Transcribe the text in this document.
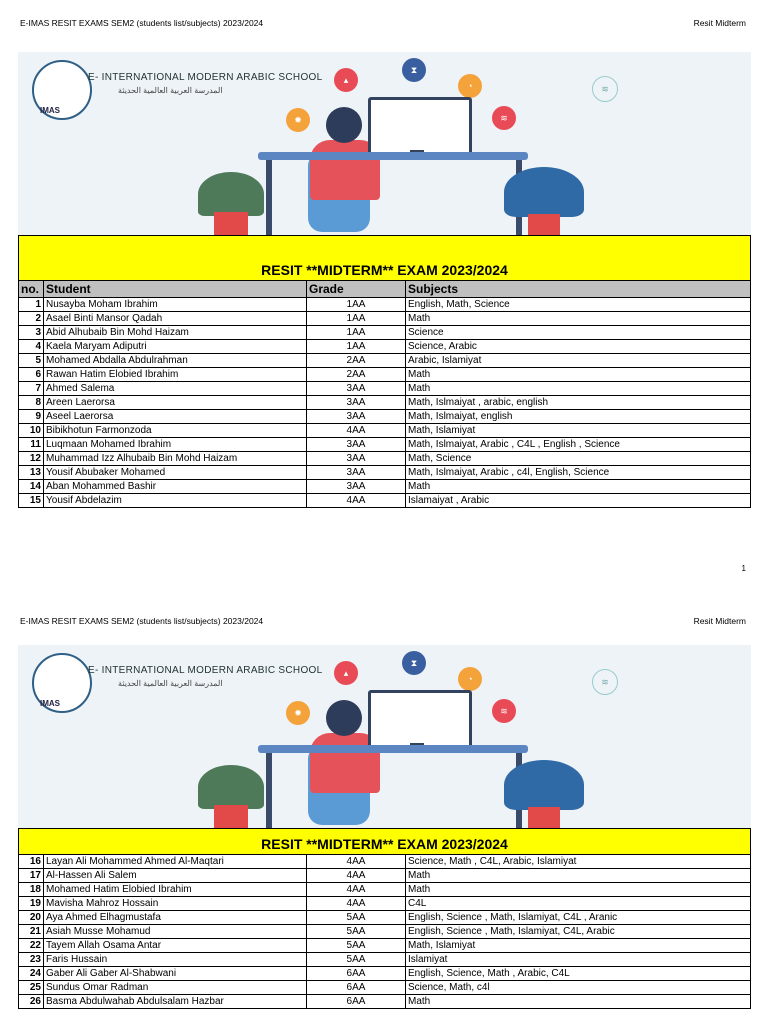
E-IMAS RESIT EXAMS SEM2 (students list/subjects) 2023/2024	Resit Midterm
IMAS
E- INTERNATIONAL MODERN ARABIC SCHOOL
المدرسة العربية العالمية الحديثة
▴
⧗
◔
≋
✹
≋
RESIT **MIDTERM** EXAM 2023/2024
no.	Student	Grade	Subjects
1	Nusayba Moham Ibrahim	1AA	English, Math, Science
2	Asael Binti Mansor Qadah	1AA	Math
3	Abid Alhubaib Bin Mohd Haizam	1AA	Science
4	Kaela Maryam Adiputri	1AA	Science, Arabic
5	Mohamed Abdalla Abdulrahman	2AA	Arabic, Islamiyat
6	Rawan Hatim Elobied Ibrahim	2AA	Math
7	Ahmed Salema	3AA	Math
8	Areen Laerorsa	3AA	Math, Islmaiyat , arabic, english
9	Aseel Laerorsa	3AA	Math, Islmaiyat, english
10	Bibikhotun Farmonzoda	4AA	Math, Islamiyat
11	Luqmaan Mohamed Ibrahim	3AA	Math, Islmaiyat, Arabic , C4L , English , Science
12	Muhammad Izz Alhubaib Bin Mohd Haizam	3AA	Math, Science
13	Yousif Abubaker Mohamed	3AA	Math, Islmaiyat, Arabic , c4l, English, Science
14	Aban Mohammed Bashir	3AA	Math
15	Yousif Abdelazim	4AA	Islamaiyat , Arabic
1
E-IMAS RESIT EXAMS SEM2 (students list/subjects) 2023/2024	Resit Midterm
IMAS
E- INTERNATIONAL MODERN ARABIC SCHOOL
المدرسة العربية العالمية الحديثة
▴
⧗
◔
≋
✹
≋
RESIT **MIDTERM** EXAM 2023/2024
16	Layan Ali Mohammed Ahmed Al-Maqtari	4AA	Science, Math , C4L, Arabic, Islamiyat
17	Al-Hassen Ali Salem	4AA	Math
18	Mohamed Hatim Elobied Ibrahim	4AA	Math
19	Mavisha Mahroz Hossain	4AA	C4L
20	Aya Ahmed Elhagmustafa	5AA	English, Science , Math, Islamiyat, C4L , Aranic
21	Asiah Musse Mohamud	5AA	English, Science , Math, Islamiyat, C4L, Arabic
22	Tayem Allah Osama Antar	5AA	Math, Islamiyat
23	Faris Hussain	5AA	Islamiyat
24	Gaber Ali Gaber Al-Shabwani	6AA	English, Science, Math , Arabic, C4L
25	Sundus Omar Radman	6AA	Science, Math, c4l
26	Basma Abdulwahab Abdulsalam Hazbar	6AA	Math
